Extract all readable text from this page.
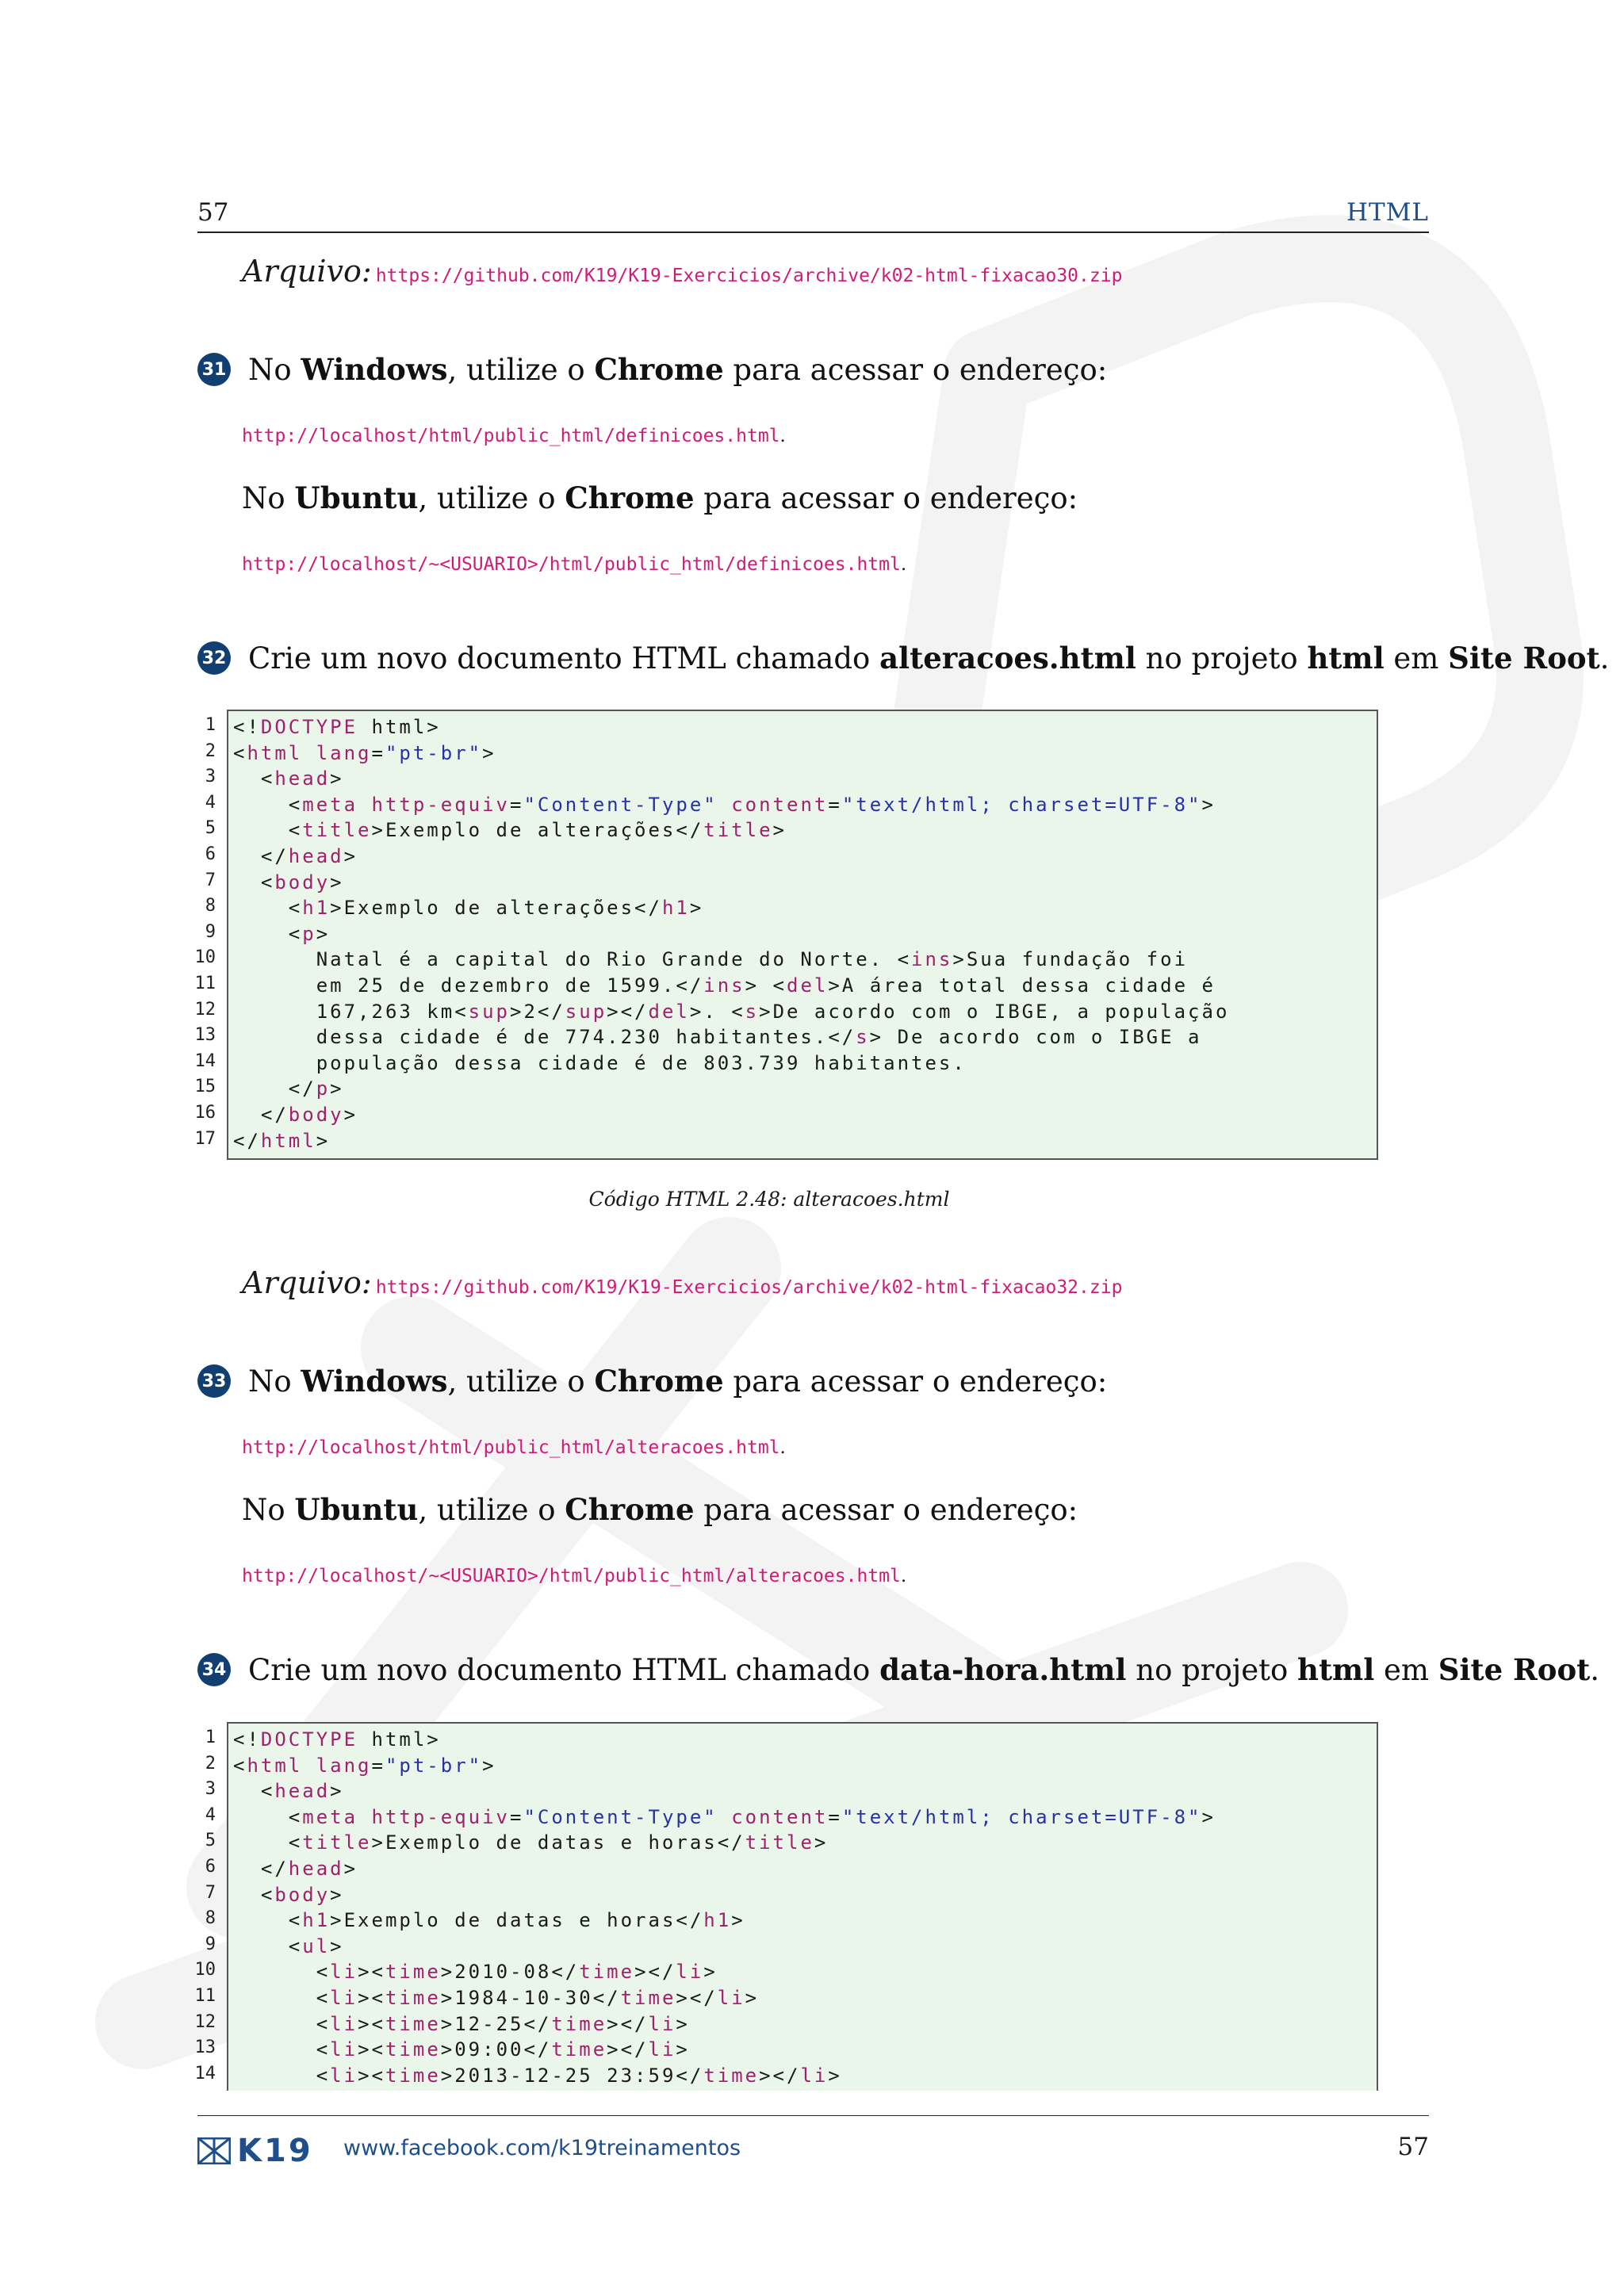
57	HTML
Arquivo: https://github.com/K19/K19-Exercicios/archive/k02-html-fixacao30.zip
31 No Windows, utilize o Chrome para acessar o endereço:
http://localhost/html/public_html/definicoes.html.
No Ubuntu, utilize o Chrome para acessar o endereço:
http://localhost/~<USUARIO>/html/public_html/definicoes.html.
32 Crie um novo documento HTML chamado alteracoes.html no projeto html em Site Root.
1
2
3
4
5
6
7
8
9
10
11
12
13
14
15
16
17
<!DOCTYPE html>
<html lang="pt-br">
<head>
<meta http-equiv="Content-Type" content="text/html; charset=UTF-8">
<title>Exemplo de alterações</title>
</head>
<body>
<h1>Exemplo de alterações</h1>
<p>
Natal é a capital do Rio Grande do Norte. <ins>Sua fundação foi
em 25 de dezembro de 1599.</ins> <del>A área total dessa cidade é
167,263 km<sup>2</sup></del>. <s>De acordo com o IBGE, a população
dessa cidade é de 774.230 habitantes.</s> De acordo com o IBGE a
população dessa cidade é de 803.739 habitantes.
</p>
</body>
</html>
Código HTML 2.48: alteracoes.html
Arquivo: https://github.com/K19/K19-Exercicios/archive/k02-html-fixacao32.zip
33 No Windows, utilize o Chrome para acessar o endereço:
http://localhost/html/public_html/alteracoes.html.
No Ubuntu, utilize o Chrome para acessar o endereço:
http://localhost/~<USUARIO>/html/public_html/alteracoes.html.
34 Crie um novo documento HTML chamado data-hora.html no projeto html em Site Root.
1
2
3
4
5
6
7
8
9
10
11
12
13
14
<!DOCTYPE html>
<html lang="pt-br">
<head>
<meta http-equiv="Content-Type" content="text/html; charset=UTF-8">
<title>Exemplo de datas e horas</title>
</head>
<body>
<h1>Exemplo de datas e horas</h1>
<ul>
<li><time>2010-08</time></li>
<li><time>1984-10-30</time></li>
<li><time>12-25</time></li>
<li><time>09:00</time></li>
<li><time>2013-12-25 23:59</time></li>
K19 www.facebook.com/k19treinamentos	57
